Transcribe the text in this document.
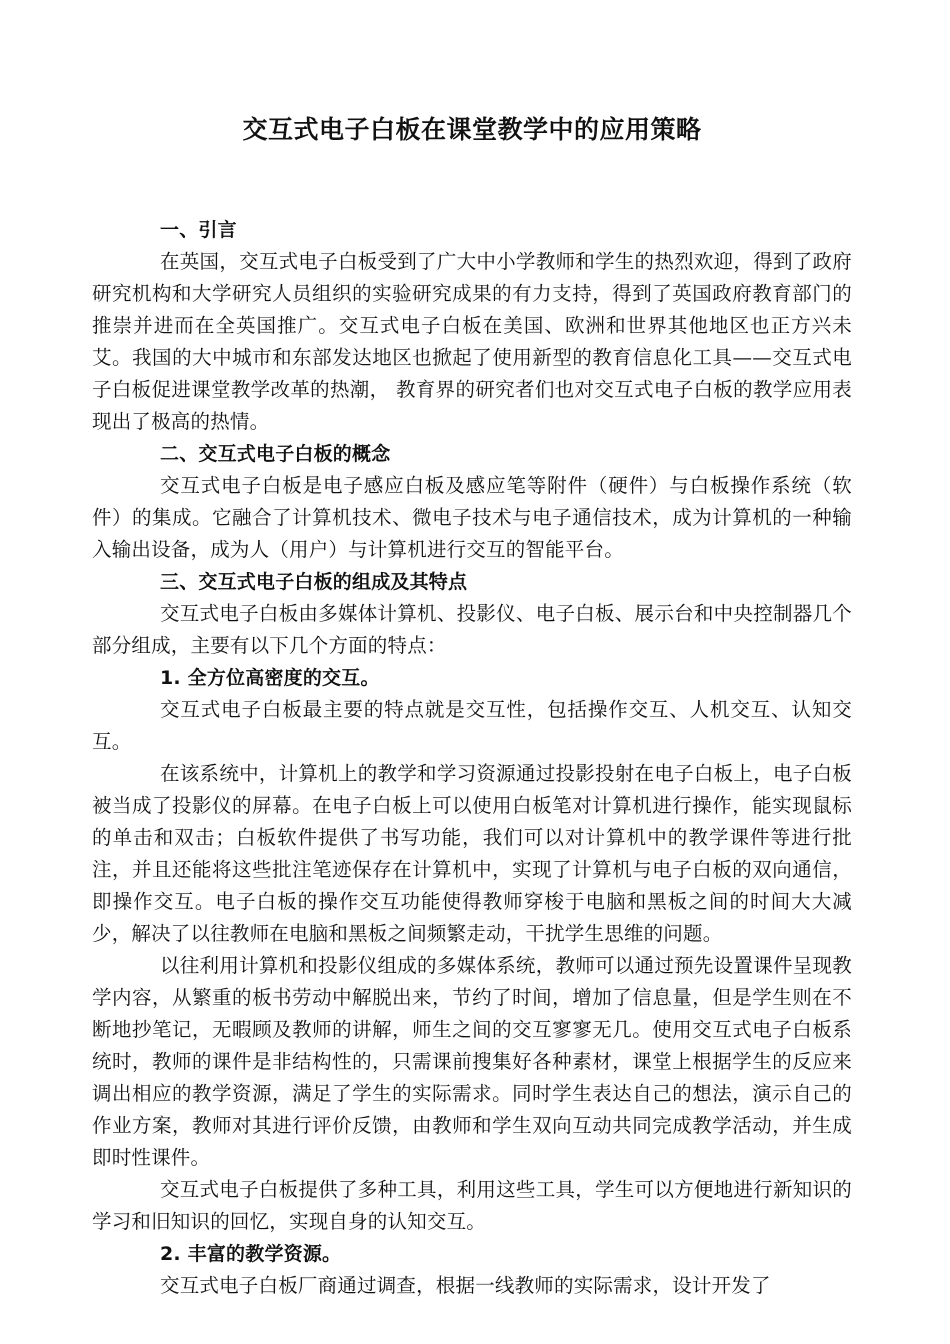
交互式电子白板在课堂教学中的应用策略

一、引言

在英国，交互式电子白板受到了广大中小学教师和学生的热烈欢迎，得到了政府研究机构和大学研究人员组织的实验研究成果的有力支持，得到了英国政府教育部门的推崇并进而在全英国推广。交互式电子白板在美国、欧洲和世界其他地区也正方兴未艾。我国的大中城市和东部发达地区也掀起了使用新型的教育信息化工具——交互式电子白板促进课堂教学改革的热潮， 教育界的研究者们也对交互式电子白板的教学应用表现出了极高的热情。

二、交互式电子白板的概念

交互式电子白板是电子感应白板及感应笔等附件（硬件）与白板操作系统（软件）的集成。它融合了计算机技术、微电子技术与电子通信技术，成为计算机的一种输入输出设备，成为人（用户）与计算机进行交互的智能平台。

三、交互式电子白板的组成及其特点

交互式电子白板由多媒体计算机、投影仪、电子白板、展示台和中央控制器几个部分组成，主要有以下几个方面的特点：

1. 全方位高密度的交互。

交互式电子白板最主要的特点就是交互性，包括操作交互、人机交互、认知交互。

在该系统中，计算机上的教学和学习资源通过投影投射在电子白板上，电子白板被当成了投影仪的屏幕。在电子白板上可以使用白板笔对计算机进行操作，能实现鼠标的单击和双击；白板软件提供了书写功能，我们可以对计算机中的教学课件等进行批注，并且还能将这些批注笔迹保存在计算机中，实现了计算机与电子白板的双向通信，即操作交互。电子白板的操作交互功能使得教师穿梭于电脑和黑板之间的时间大大减少，解决了以往教师在电脑和黑板之间频繁走动，干扰学生思维的问题。

以往利用计算机和投影仪组成的多媒体系统，教师可以通过预先设置课件呈现教学内容，从繁重的板书劳动中解脱出来，节约了时间，增加了信息量，但是学生则在不断地抄笔记，无暇顾及教师的讲解，师生之间的交互寥寥无几。使用交互式电子白板系统时，教师的课件是非结构性的，只需课前搜集好各种素材，课堂上根据学生的反应来调出相应的教学资源，满足了学生的实际需求。同时学生表达自己的想法，演示自己的作业方案，教师对其进行评价反馈，由教师和学生双向互动共同完成教学活动，并生成即时性课件。

交互式电子白板提供了多种工具，利用这些工具，学生可以方便地进行新知识的学习和旧知识的回忆，实现自身的认知交互。

2. 丰富的教学资源。

交互式电子白板厂商通过调查，根据一线教师的实际需求，设计开发了
